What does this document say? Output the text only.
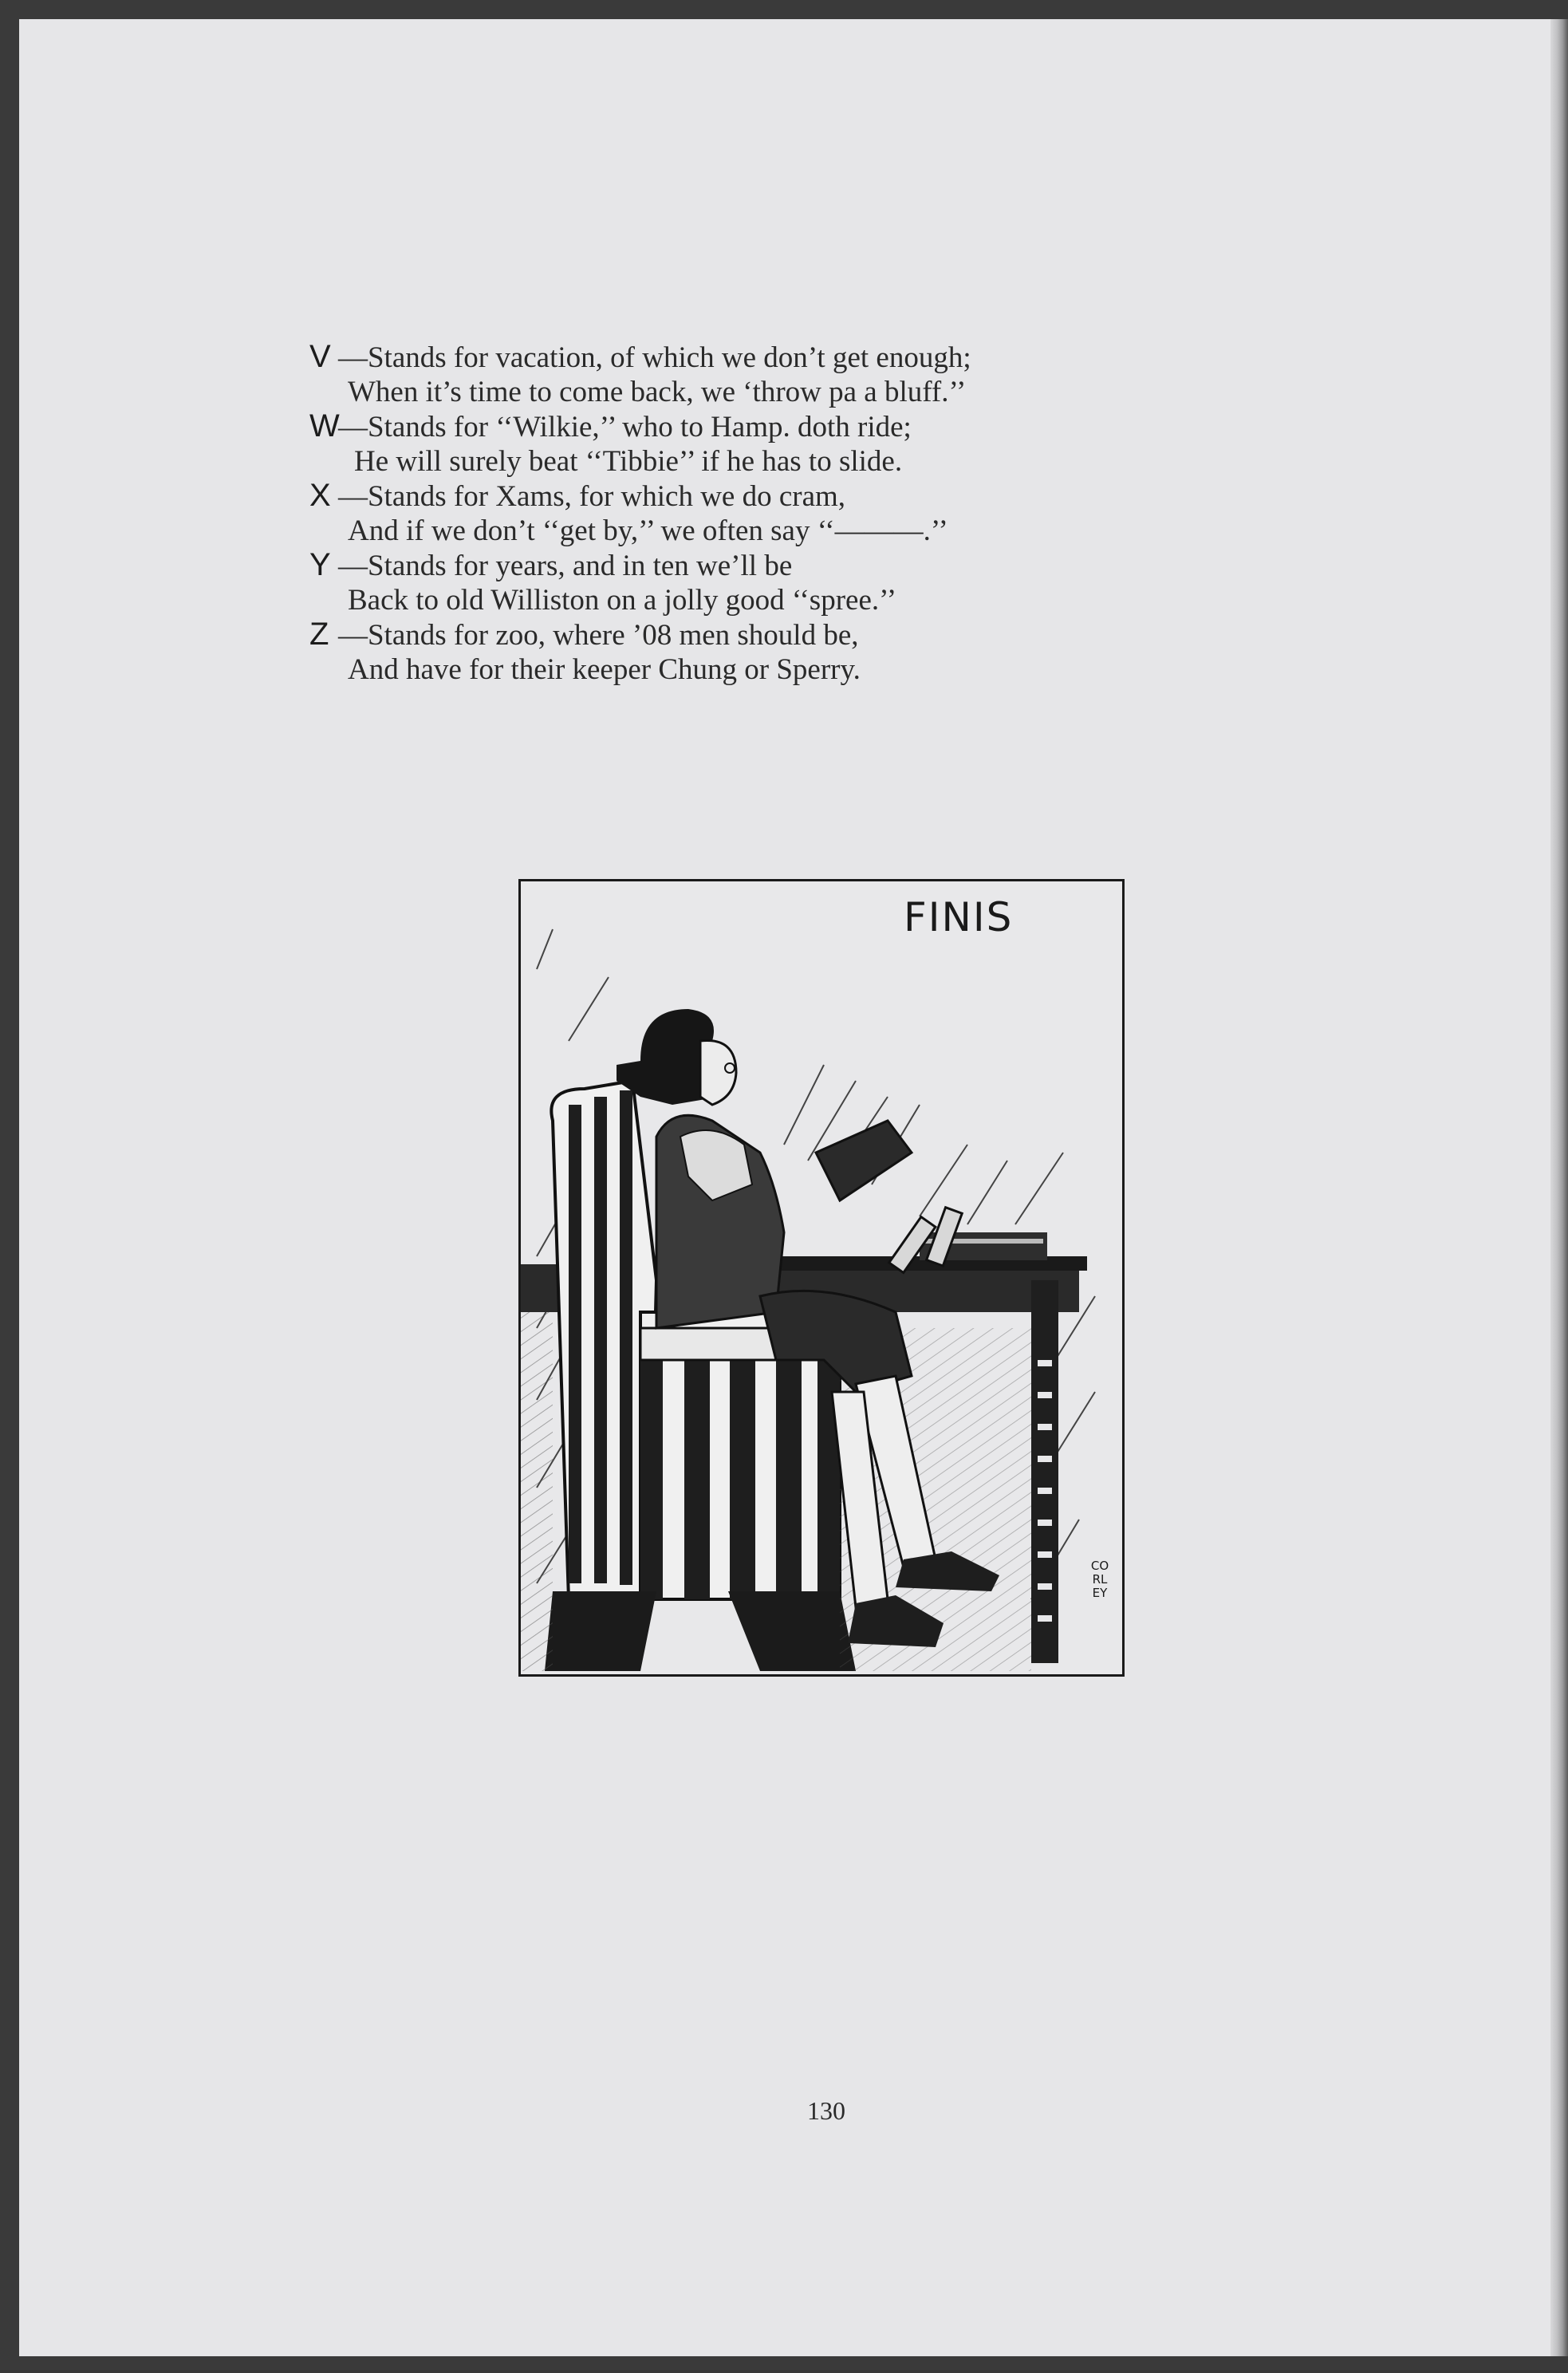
V —Stands for vacation, of which we don’t get enough;
When it’s time to come back, we ‘throw pa a bluff.’’

W—Stands for ‘‘Wilkie,’’ who to Hamp. doth ride;
He will surely beat ‘‘Tibbie’’ if he has to slide.

X —Stands for Xams, for which we do cram,
And if we don’t ‘‘get by,’’ we often say ‘‘———.’’

Y —Stands for years, and in ten we’ll be
Back to old Williston on a jolly good ‘‘spree.’’

Z —Stands for zoo, where ’08 men should be,
And have for their keeper Chung or Sperry.

FINIS
CORLEY
130
